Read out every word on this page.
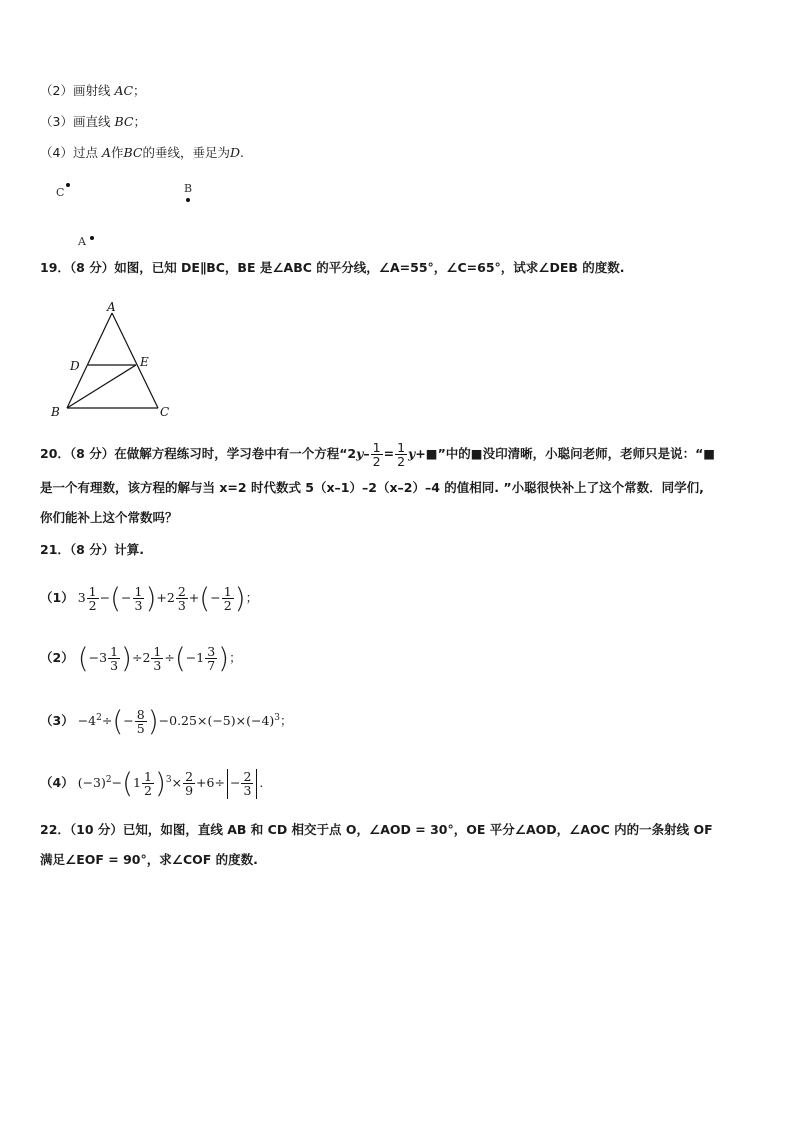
（2）画射线 AC；
（3）画直线 BC；
（4）过点 A作BC的垂线，垂足为D.
C	B
A
19．（8 分）如图，已知 DE∥BC，BE 是∠ABC 的平分线，∠A=55°，∠C=65°，试求∠DEB 的度数.
A
D	E
B	C
20．（8 分）在做解方程练习时，学习卷中有一个方程“$2y- \frac{1}{2} = \frac{1}{2}$ y+■”中的■没印清晰，小聪问老师，老师只是说：“■
是一个有理数，该方程的解与当 x=2 时代数式 5（x–1）–2（x–2）–4 的值相同. ”小聪很快补上了这个常数．同学们,
你们能补上这个常数吗？
21．（8 分）计算.
（1） $3 \frac{1}{2}$ −(− $\frac{1}{3} )+2 \frac{2}{3}$ +(− $\frac{1}{2}$ )；
（2） $(-3 \frac{1}{3} )\div 2 \frac{1}{3} \div(-1 \frac{3}{7}$ )；
$(3) -4^2\div(- \frac{8}{5} )-0.25\times(-5)\times(-4)^3$；
（4） $(-3)^2-(1 \frac{1}{2} )^3\times \frac{2}{9} +6\div - \frac{2}{3}$ .
22．（10 分）已知，如图，直线 AB 和 CD 相交于点 O，∠AOD = 30°，OE 平分∠AOD，∠AOC 内的一条射线 OF
满足∠EOF = 90°，求∠COF 的度数.
